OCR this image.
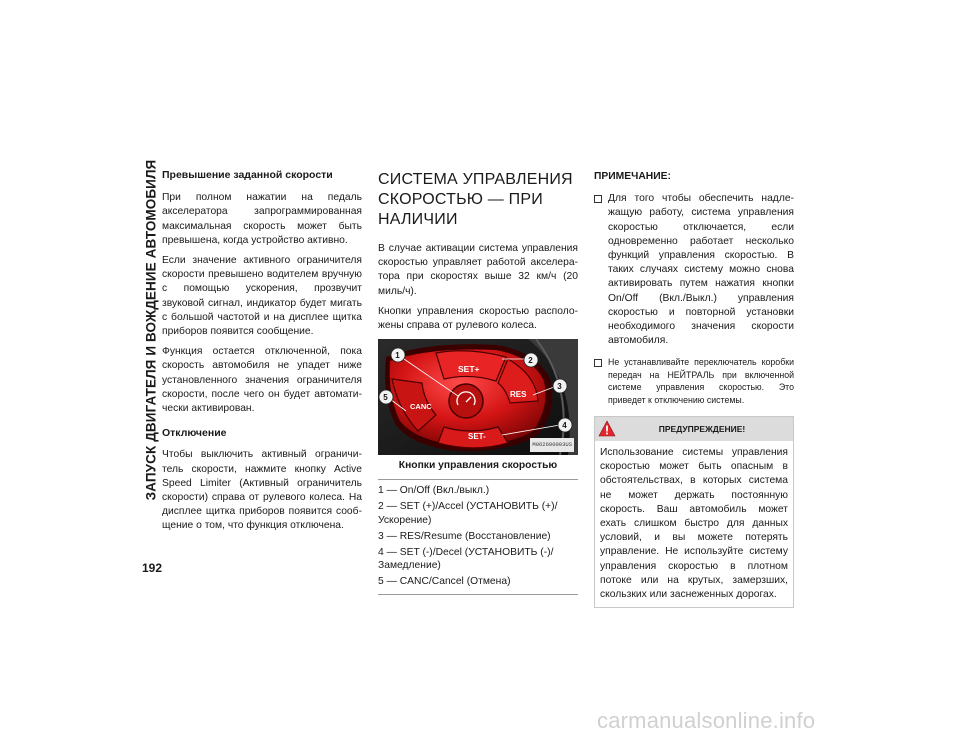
ЗАПУСК ДВИГАТЕЛЯ И ВОЖДЕНИЕ АВТОМОБИЛЯ
192
Превышение заданной скорости

При полном нажатии на педаль акселератора запрограммированная максимальная скорость может быть превышена, когда устройство активно.

Если значение активного ограничителя скорости превышено водителем вручную с помощью ускорения, прозвучит звуковой сигнал, индикатор будет мигать с большой частотой и на дисплее щитка приборов появится сообщение.

Функция остается отключенной, пока скорость автомобиля не упадет ниже установленного значения ограничителя скорости, после чего он будет автоматически активирован.

Отключение

Чтобы выключить активный ограничитель скорости, нажмите кнопку Active Speed Limiter (Активный ограничитель скорости) справа от рулевого колеса. На дисплее щитка приборов появится сообщение о том, что функция отключена.

СИСТЕМА УПРАВЛЕНИЯ СКОРОСТЬЮ — ПРИ НАЛИЧИИ

В случае активации система управления скоростью управляет работой акселератора при скоростях выше 32 км/ч (20 миль/ч).

Кнопки управления скоростью расположены справа от рулевого колеса.

SET+
RES
CANC
SET-
1
2
3
4
5
M062600003US
Кнопки управления скоростью
1 — On/Off (Вкл./выкл.)
2 — SET (+)/Accel (УСТАНОВИТЬ (+)/ Ускорение)
3 — RES/Resume (Восстановление)
4 — SET (-)/Decel (УСТАНОВИТЬ (-)/ Замедление)
5 — CANC/Cancel (Отмена)
ПРИМЕЧАНИЕ:
Для того чтобы обеспечить надлежащую работу, система управления скоростью отключается, если одновременно работает несколько функций управления скоростью. В таких случаях систему можно снова активировать путем нажатия кнопки On/Off (Вкл./Выкл.) управления скоростью и повторной установки необходимого значения скорости автомобиля.
Не устанавливайте переключатель коробки передач на НЕЙТРАЛЬ при включенной системе управления скоростью. Это приведет к отключению системы.
ПРЕДУПРЕЖДЕНИЕ!
Использование системы управления скоростью может быть опасным в обстоятельствах, в которых система не может держать постоянную скорость. Ваш автомобиль может ехать слишком быстро для данных условий, и вы можете потерять управление. Не используйте систему управления скоростью в плотном потоке или на крутых, замерзших, скользких или заснеженных дорогах.
carmanualsonline.info
